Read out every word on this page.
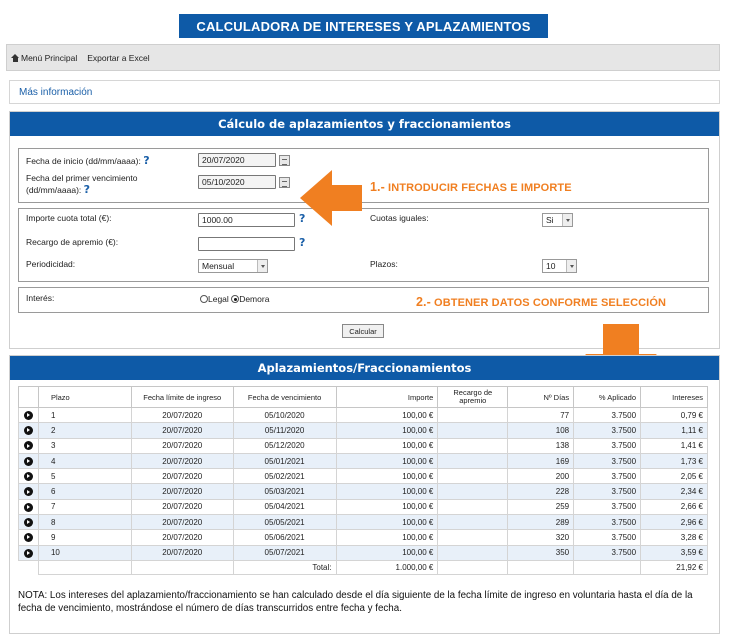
CALCULADORA DE INTERESES Y APLAZAMIENTOS
Menú Principal Exportar a Excel
Más información
Cálculo de aplazamientos y fraccionamientos
Fecha de inicio (dd/mm/aaaa): ?	20/07/2020
Fecha del primer vencimiento
(dd/mm/aaaa): ?
05/10/2020
Importe cuota total (€):	1000.00	?
Recargo de apremio (€):	?
Periodicidad:	Mensual
Cuotas iguales:	Si
Plazos:	10
Interés:	Legal Demora
Calcular
1.- INTRODUCIR FECHAS E IMPORTE
2.- OBTENER DATOS CONFORME SELECCIÓN
Aplazamientos/Fraccionamientos
	Plazo	Fecha límite de ingreso	Fecha de vencimiento	Importe	Recargo de apremio	Nº Días	% Aplicado	Intereses
	1	20/07/2020	05/10/2020	100,00 €		77	3.7500	0,79 €
	2	20/07/2020	05/11/2020	100,00 €		108	3.7500	1,11 €
	3	20/07/2020	05/12/2020	100,00 €		138	3.7500	1,41 €
	4	20/07/2020	05/01/2021	100,00 €		169	3.7500	1,73 €
	5	20/07/2020	05/02/2021	100,00 €		200	3.7500	2,05 €
	6	20/07/2020	05/03/2021	100,00 €		228	3.7500	2,34 €
	7	20/07/2020	05/04/2021	100,00 €		259	3.7500	2,66 €
	8	20/07/2020	05/05/2021	100,00 €		289	3.7500	2,96 €
	9	20/07/2020	05/06/2021	100,00 €		320	3.7500	3,28 €
	10	20/07/2020	05/07/2021	100,00 €		350	3.7500	3,59 €
			Total:	1.000,00 €				21,92 €
NOTA: Los intereses del aplazamiento/fraccionamiento se han calculado desde el día siguiente de la fecha límite de ingreso en voluntaria hasta el día de la fecha de vencimiento, mostrándose el número de días transcurridos entre fecha y fecha.
